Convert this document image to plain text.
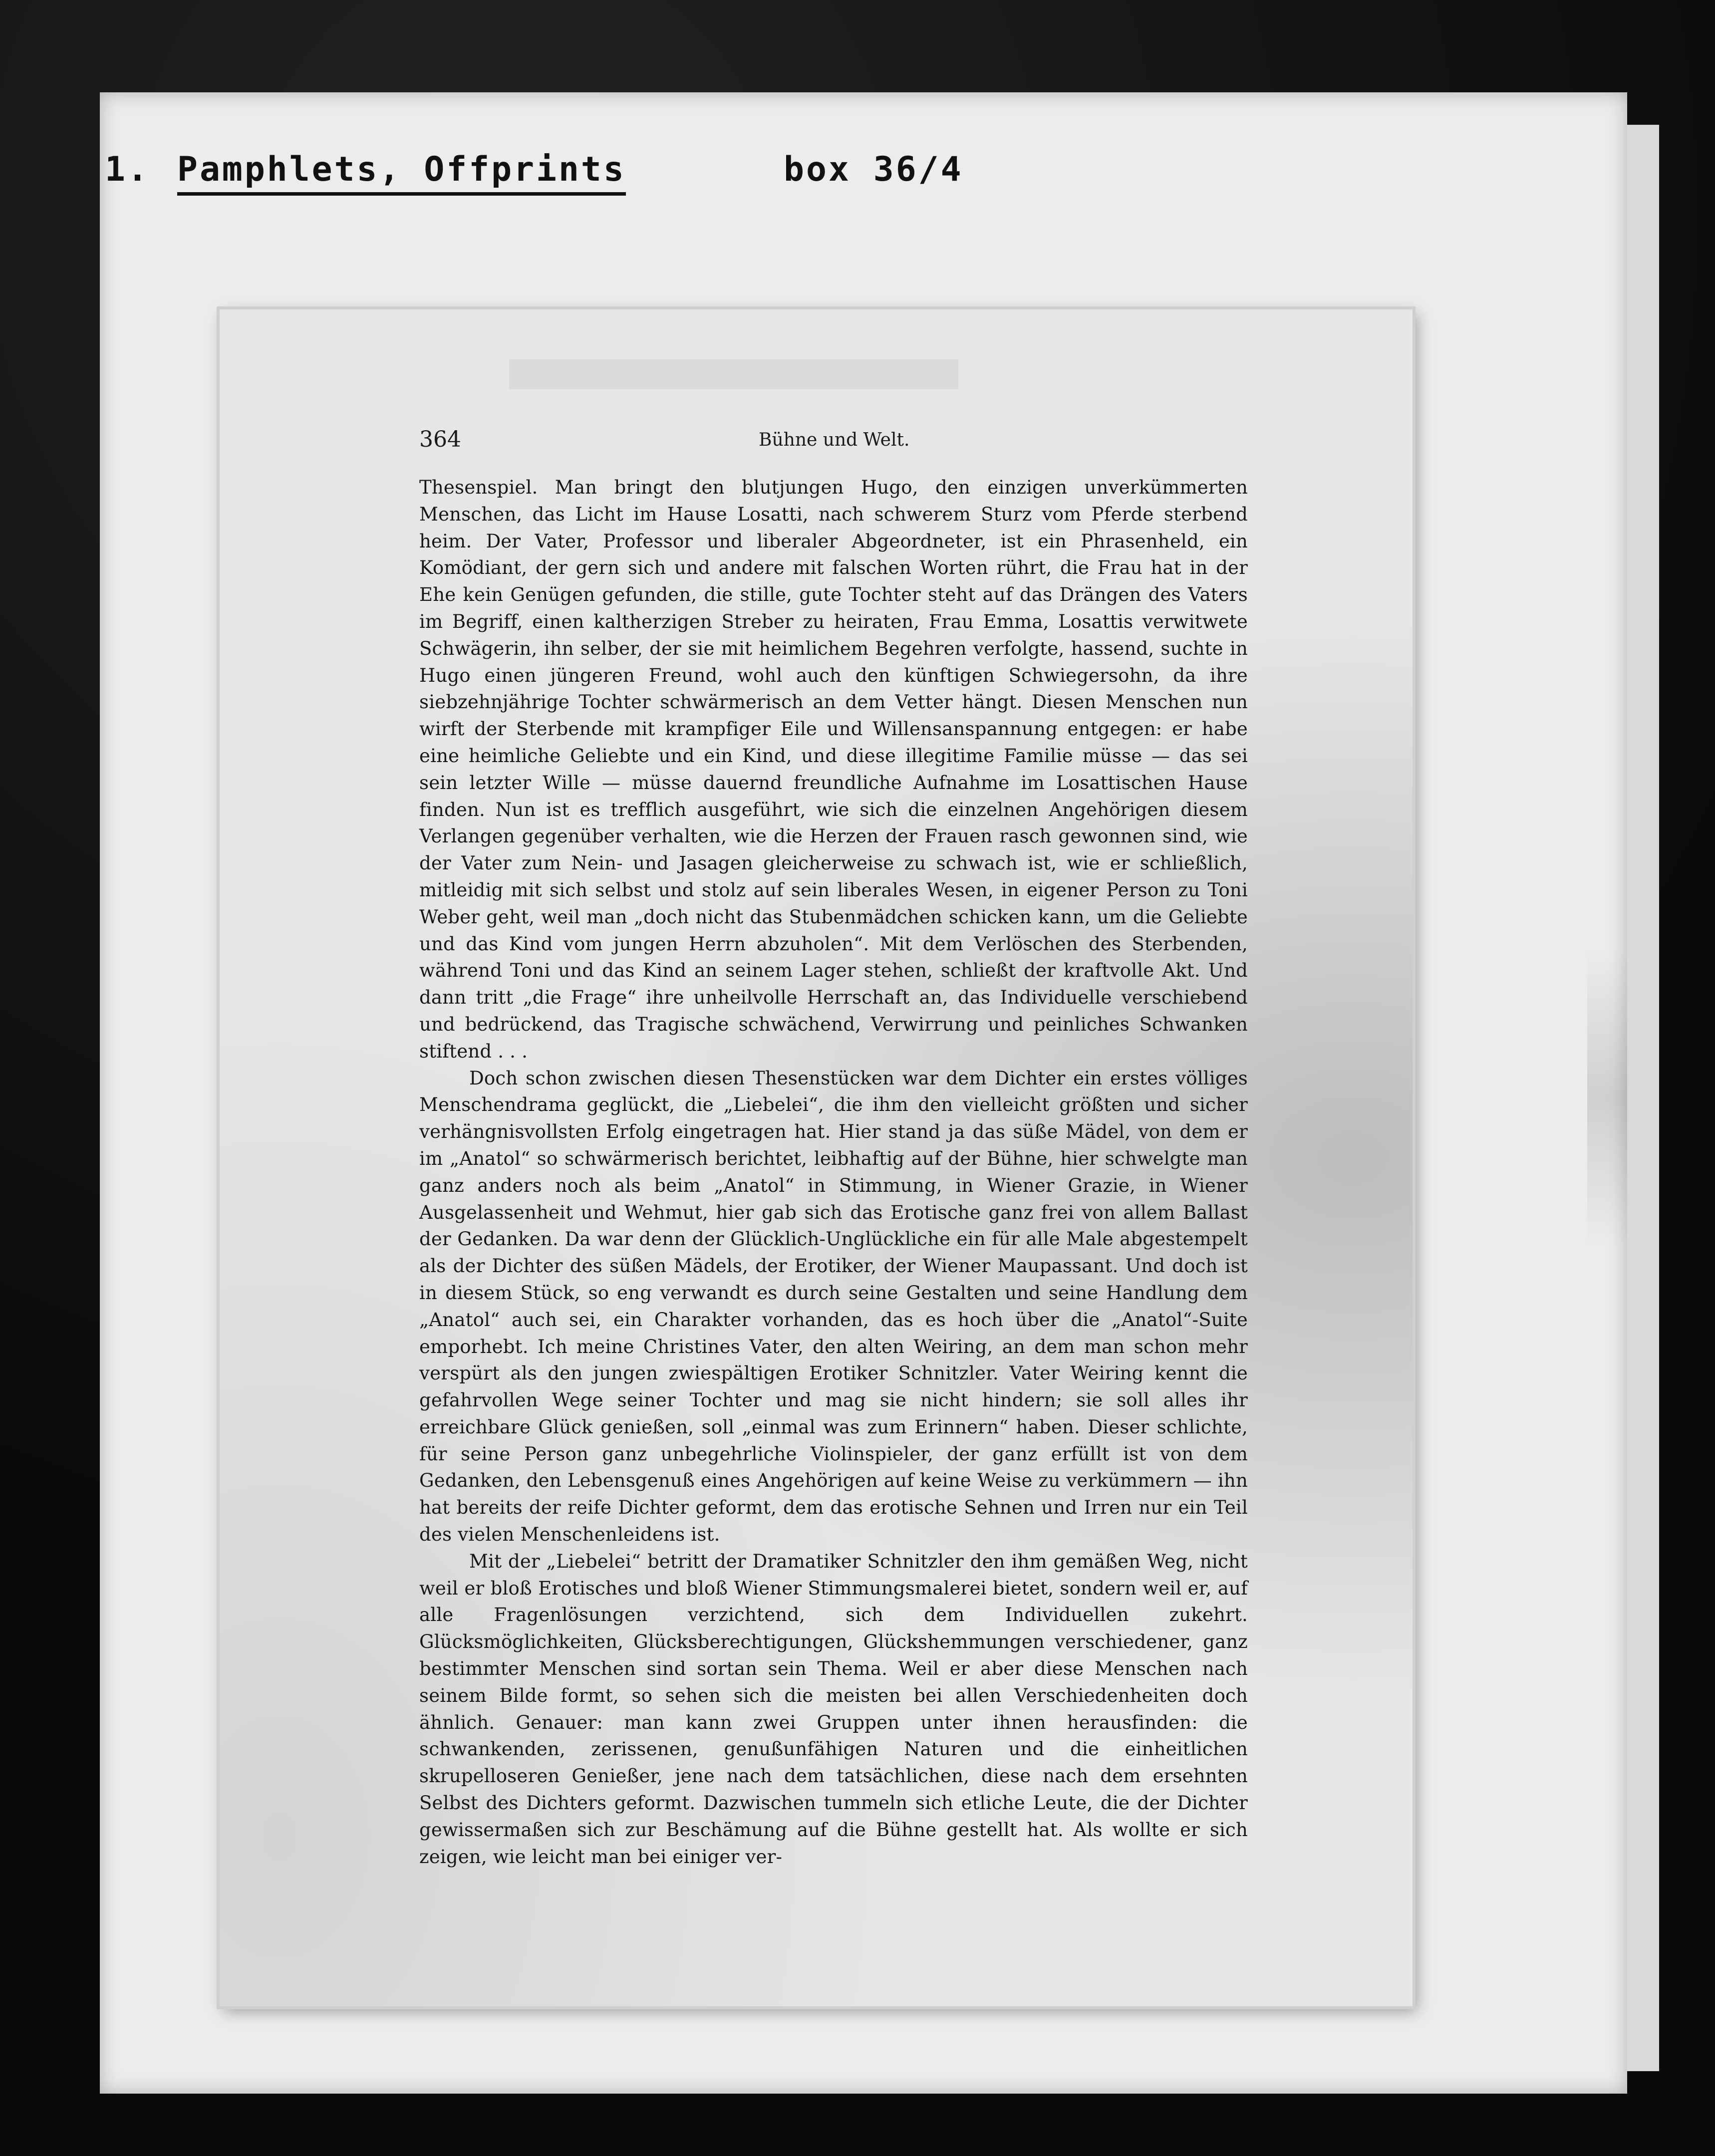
1. Pamphlets, Offprints	box 36/4
364	Bühne und Welt.

Thesenspiel. Man bringt den blutjungen Hugo, den einzigen unverkümmerten Menschen, das Licht im Hause Losatti, nach schwerem Sturz vom Pferde sterbend heim. Der Vater, Professor und liberaler Abgeordneter, ist ein Phrasenheld, ein Komödiant, der gern sich und andere mit falschen Worten rührt, die Frau hat in der Ehe kein Genügen gefunden, die stille, gute Tochter steht auf das Drängen des Vaters im Begriff, einen kaltherzigen Streber zu heiraten, Frau Emma, Losattis verwitwete Schwägerin, ihn selber, der sie mit heimlichem Begehren verfolgte, hassend, suchte in Hugo einen jüngeren Freund, wohl auch den künftigen Schwiegersohn, da ihre siebzehnjährige Tochter schwärmerisch an dem Vetter hängt. Diesen Menschen nun wirft der Sterbende mit krampfiger Eile und Willensanspannung entgegen: er habe eine heimliche Geliebte und ein Kind, und diese illegitime Familie müsse — das sei sein letzter Wille — müsse dauernd freundliche Aufnahme im Losattischen Hause finden. Nun ist es trefflich ausgeführt, wie sich die einzelnen Angehörigen diesem Verlangen gegenüber verhalten, wie die Herzen der Frauen rasch gewonnen sind, wie der Vater zum Nein- und Jasagen gleicherweise zu schwach ist, wie er schließlich, mitleidig mit sich selbst und stolz auf sein liberales Wesen, in eigener Person zu Toni Weber geht, weil man „doch nicht das Stubenmädchen schicken kann, um die Geliebte und das Kind vom jungen Herrn abzuholen“. Mit dem Verlöschen des Sterbenden, während Toni und das Kind an seinem Lager stehen, schließt der kraftvolle Akt. Und dann tritt „die Frage“ ihre unheilvolle Herrschaft an, das Individuelle verschiebend und bedrückend, das Tragische schwächend, Verwirrung und peinliches Schwanken stiftend . . .

Doch schon zwischen diesen Thesenstücken war dem Dichter ein erstes völliges Menschendrama geglückt, die „Liebelei“, die ihm den vielleicht größten und sicher verhängnisvollsten Erfolg eingetragen hat. Hier stand ja das süße Mädel, von dem er im „Anatol“ so schwärmerisch berichtet, leibhaftig auf der Bühne, hier schwelgte man ganz anders noch als beim „Anatol“ in Stimmung, in Wiener Grazie, in Wiener Ausgelassenheit und Wehmut, hier gab sich das Erotische ganz frei von allem Ballast der Gedanken. Da war denn der Glücklich-Unglückliche ein für alle Male abgestempelt als der Dichter des süßen Mädels, der Erotiker, der Wiener Maupassant. Und doch ist in diesem Stück, so eng verwandt es durch seine Gestalten und seine Handlung dem „Anatol“ auch sei, ein Charakter vorhanden, das es hoch über die „Anatol“-Suite emporhebt. Ich meine Christines Vater, den alten Weiring, an dem man schon mehr verspürt als den jungen zwiespältigen Erotiker Schnitzler. Vater Weiring kennt die gefahrvollen Wege seiner Tochter und mag sie nicht hindern; sie soll alles ihr erreichbare Glück genießen, soll „einmal was zum Erinnern“ haben. Dieser schlichte, für seine Person ganz unbegehrliche Violinspieler, der ganz erfüllt ist von dem Gedanken, den Lebensgenuß eines Angehörigen auf keine Weise zu verkümmern — ihn hat bereits der reife Dichter geformt, dem das erotische Sehnen und Irren nur ein Teil des vielen Menschenleidens ist.

Mit der „Liebelei“ betritt der Dramatiker Schnitzler den ihm gemäßen Weg, nicht weil er bloß Erotisches und bloß Wiener Stimmungsmalerei bietet, sondern weil er, auf alle Fragenlösungen verzichtend, sich dem Individuellen zukehrt. Glücksmöglichkeiten, Glücksberechtigungen, Glückshemmungen verschiedener, ganz bestimmter Menschen sind sortan sein Thema. Weil er aber diese Menschen nach seinem Bilde formt, so sehen sich die meisten bei allen Verschiedenheiten doch ähnlich. Genauer: man kann zwei Gruppen unter ihnen herausfinden: die schwankenden, zerissenen, genußunfähigen Naturen und die einheitlichen skrupelloseren Genießer, jene nach dem tatsächlichen, diese nach dem ersehnten Selbst des Dichters geformt. Dazwischen tummeln sich etliche Leute, die der Dichter gewissermaßen sich zur Beschämung auf die Bühne gestellt hat. Als wollte er sich zeigen, wie leicht man bei einiger ver-
